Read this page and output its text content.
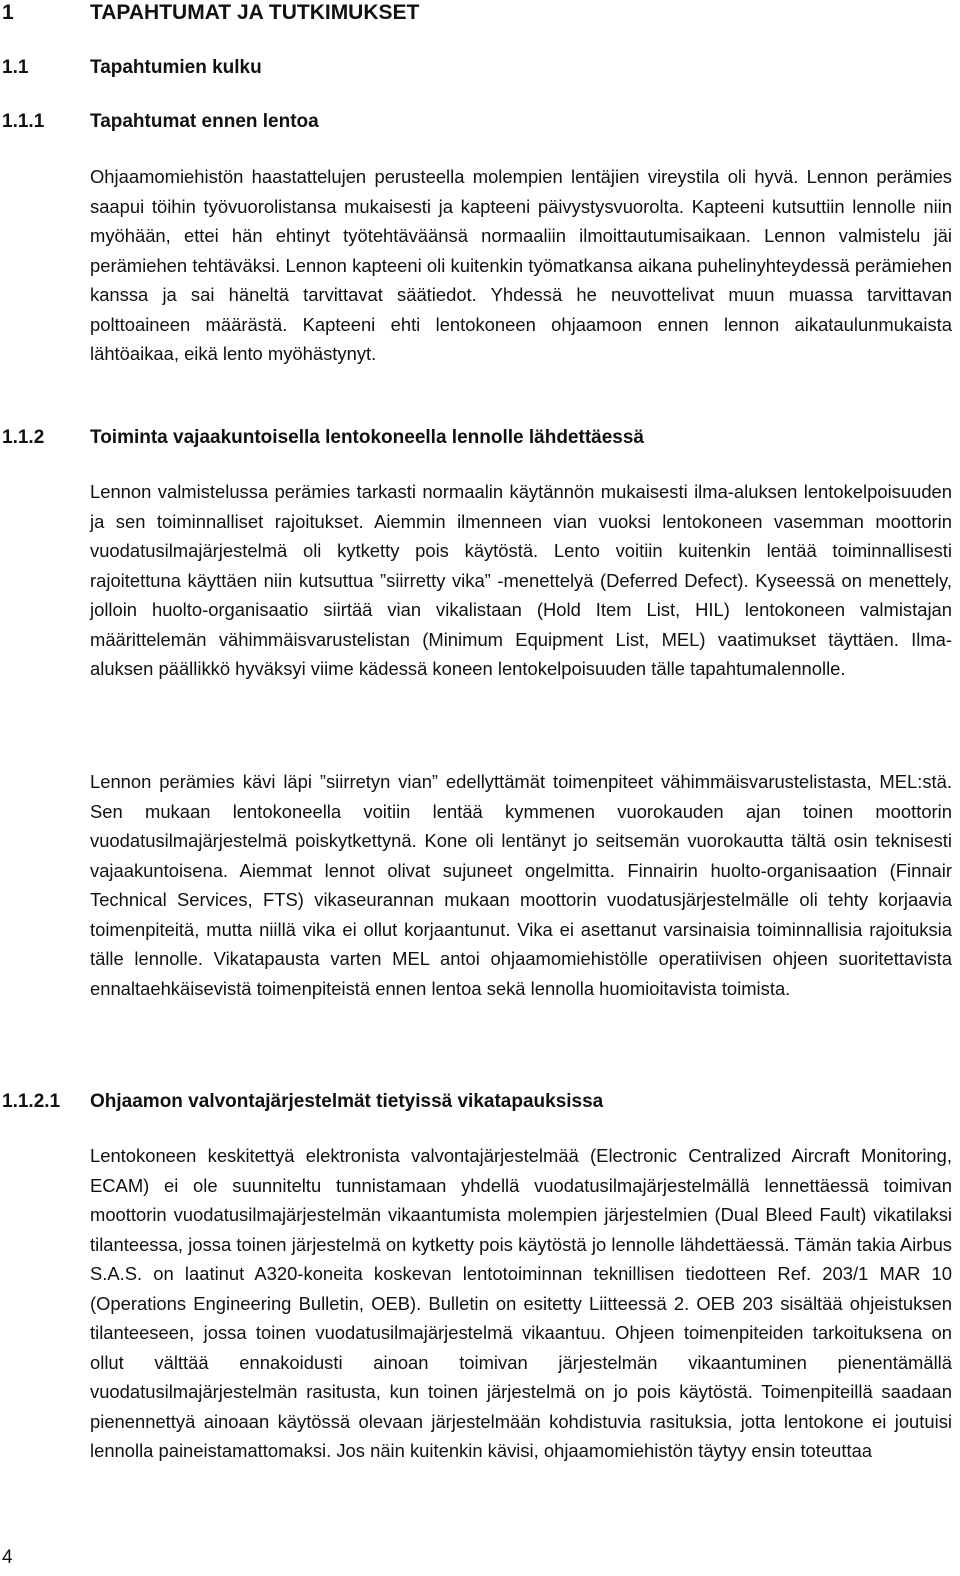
1	TAPAHTUMAT JA TUTKIMUKSET
1.1	Tapahtumien kulku
1.1.1 Tapahtumat ennen lentoa

Ohjaamomiehistön haastattelujen perusteella molempien lentäjien vireystila oli hyvä. Lennon perämies saapui töihin työvuorolistansa mukaisesti ja kapteeni päivystysvuorolta. Kapteeni kutsuttiin lennolle niin myöhään, ettei hän ehtinyt työtehtäväänsä normaaliin ilmoittautumisaikaan. Lennon valmistelu jäi perämiehen tehtäväksi. Lennon kapteeni oli kuitenkin työmatkansa aikana puhelinyhteydessä perämiehen kanssa ja sai häneltä tarvittavat säätiedot. Yhdessä he neuvottelivat muun muassa tarvittavan polttoaineen määrästä. Kapteeni ehti lentokoneen ohjaamoon ennen lennon aikataulunmukaista lähtöaikaa, eikä lento myöhästynyt.

1.1.2 Toiminta vajaakuntoisella lentokoneella lennolle lähdettäessä

Lennon valmistelussa perämies tarkasti normaalin käytännön mukaisesti ilma-aluksen lentokelpoisuuden ja sen toiminnalliset rajoitukset. Aiemmin ilmenneen vian vuoksi lentokoneen vasemman moottorin vuodatusilmajärjestelmä oli kytketty pois käytöstä. Lento voitiin kuitenkin lentää toiminnallisesti rajoitettuna käyttäen niin kutsuttua ”siirretty vika” -menettelyä (Deferred Defect). Kyseessä on menettely, jolloin huolto-organisaatio siirtää vian vikalistaan (Hold Item List, HIL) lentokoneen valmistajan määrittelemän vähimmäisvarustelistan (Minimum Equipment List, MEL) vaatimukset täyttäen. Ilma-aluksen päällikkö hyväksyi viime kädessä koneen lentokelpoisuuden tälle tapahtumalennolle.

Lennon perämies kävi läpi ”siirretyn vian” edellyttämät toimenpiteet vähimmäisvarustelistasta, MEL:stä. Sen mukaan lentokoneella voitiin lentää kymmenen vuorokauden ajan toinen moottorin vuodatusilmajärjestelmä poiskytkettynä. Kone oli lentänyt jo seitsemän vuorokautta tältä osin teknisesti vajaakuntoisena. Aiemmat lennot olivat sujuneet ongelmitta. Finnairin huolto-organisaation (Finnair Technical Services, FTS) vikaseurannan mukaan moottorin vuodatusjärjestelmälle oli tehty korjaavia toimenpiteitä, mutta niillä vika ei ollut korjaantunut. Vika ei asettanut varsinaisia toiminnallisia rajoituksia tälle lennolle. Vikatapausta varten MEL antoi ohjaamomiehistölle operatiivisen ohjeen suoritettavista ennaltaehkäisevistä toimenpiteistä ennen lentoa sekä lennolla huomioitavista toimista.

1.1.2.1 Ohjaamon valvontajärjestelmät tietyissä vikatapauksissa

Lentokoneen keskitettyä elektronista valvontajärjestelmää (Electronic Centralized Aircraft Monitoring, ECAM) ei ole suunniteltu tunnistamaan yhdellä vuodatusilmajärjestelmällä lennettäessä toimivan moottorin vuodatusilmajärjestelmän vikaantumista molempien järjestelmien (Dual Bleed Fault) vikatilaksi tilanteessa, jossa toinen järjestelmä on kytketty pois käytöstä jo lennolle lähdettäessä. Tämän takia Airbus S.A.S. on laatinut A320-koneita koskevan lentotoiminnan teknillisen tiedotteen Ref. 203/1 MAR 10 (Operations Engineering Bulletin, OEB). Bulletin on esitetty Liitteessä 2. OEB 203 sisältää ohjeistuksen tilanteeseen, jossa toinen vuodatusilmajärjestelmä vikaantuu. Ohjeen toimenpiteiden tarkoituksena on ollut välttää ennakoidusti ainoan toimivan järjestelmän vikaantuminen pienentämällä vuodatusilmajärjestelmän rasitusta, kun toinen järjestelmä on jo pois käytöstä. Toimenpiteillä saadaan pienennettyä ainoaan käytössä olevaan järjestelmään kohdistuvia rasituksia, jotta lentokone ei joutuisi lennolla paineistamattomaksi. Jos näin kuitenkin kävisi, ohjaamomiehistön täytyy ensin toteuttaa

4
